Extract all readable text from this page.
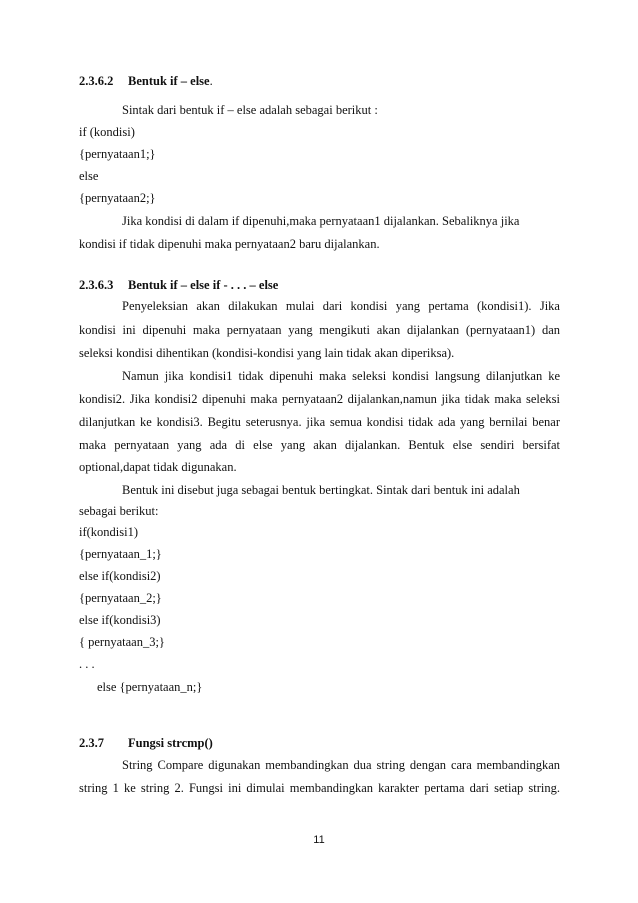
2.3.6.2 Bentuk if – else.
Sintak dari bentuk if – else adalah sebagai berikut :
if (kondisi)
{pernyataan1;}
else
{pernyataan2;}
Jika kondisi di dalam if dipenuhi,maka pernyataan1 dijalankan. Sebaliknya jika
kondisi if tidak dipenuhi maka pernyataan2 baru dijalankan.
2.3.6.3 Bentuk if – else if - . . . – else
Penyeleksian akan dilakukan mulai dari kondisi yang pertama (kondisi1). Jika
kondisi ini dipenuhi maka pernyataan yang mengikuti akan dijalankan (pernyataan1) dan
seleksi kondisi dihentikan (kondisi-kondisi yang lain tidak akan diperiksa).
Namun jika kondisi1 tidak dipenuhi maka seleksi kondisi langsung dilanjutkan ke
kondisi2. Jika kondisi2 dipenuhi maka pernyataan2 dijalankan,namun jika tidak maka seleksi
dilanjutkan ke kondisi3. Begitu seterusnya. jika semua kondisi tidak ada yang bernilai benar
maka pernyataan yang ada di else yang akan dijalankan. Bentuk else sendiri bersifat
optional,dapat tidak digunakan.
Bentuk ini disebut juga sebagai bentuk bertingkat. Sintak dari bentuk ini adalah
sebagai berikut:
if(kondisi1)
{pernyataan_1;}
else if(kondisi2)
{pernyataan_2;}
else if(kondisi3)
{ pernyataan_3;}
. . .
else {pernyataan_n;}
2.3.7 Fungsi strcmp()
String Compare digunakan membandingkan dua string dengan cara membandingkan
string 1 ke string 2. Fungsi ini dimulai membandingkan karakter pertama dari setiap string.
11
